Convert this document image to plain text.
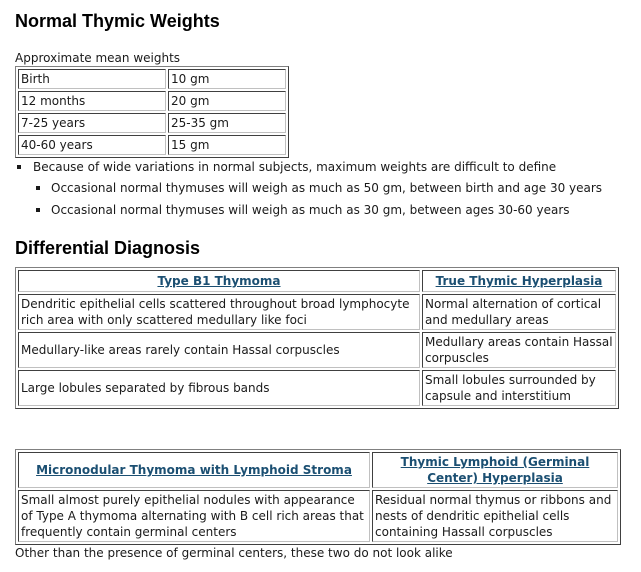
Normal Thymic Weights
Approximate mean weights
Birth	10 gm
12 months	20 gm
7-25 years	25-35 gm
40-60 years	15 gm
Because of wide variations in normal subjects, maximum weights are difficult to define
Occasional normal thymuses will weigh as much as 50 gm, between birth and age 30 years
Occasional normal thymuses will weigh as much as 30 gm, between ages 30-60 years
Differential Diagnosis
Type B1 Thymoma	True Thymic Hyperplasia
Dendritic epithelial cells scattered throughout broad lymphocyte rich area with only scattered medullary like foci	Normal alternation of cortical and medullary areas
Medullary-like areas rarely contain Hassal corpuscles	Medullary areas contain Hassal corpuscles
Large lobules separated by fibrous bands	Small lobules surrounded by capsule and interstitium
Micronodular Thymoma with Lymphoid Stroma	Thymic Lymphoid (Germinal Center) Hyperplasia
Small almost purely epithelial nodules with appearance of Type A thymoma alternating with B cell rich areas that frequently contain germinal centers	Residual normal thymus or ribbons and nests of dendritic epithelial cells containing Hassall corpuscles
Other than the presence of germinal centers, these two do not look alike
